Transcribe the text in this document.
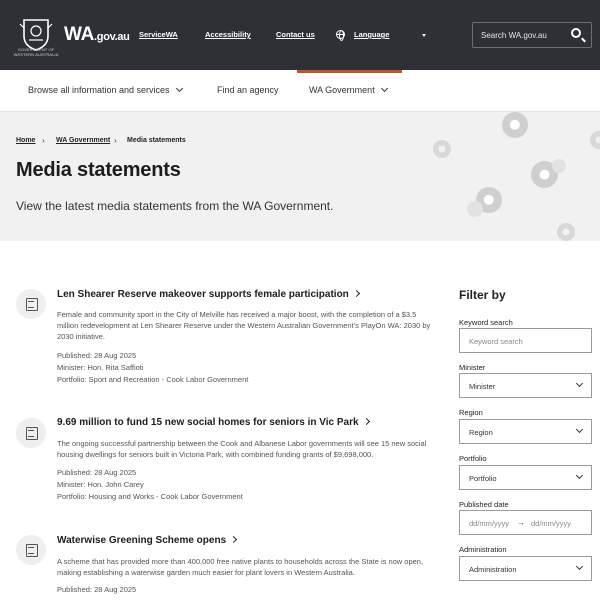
GOVERNMENT OF WESTERN AUSTRALIA
WA.gov.au ServiceWA	Accessibility	Contact us	Language	Search WA.gov.au
Browse all information and services	Find an agency	WA Government
Home › WA Government › Media statements
Media statements

View the latest media statements from the WA Government.

Len Shearer Reserve makeover supports female participation

Female and community sport in the City of Melville has received a major boost, with the completion of a $3.5 million redevelopment at Len Shearer Reserve under the Western Australian Government's PlayOn WA: 2030 by 2030 initiative.

Published: 28 Aug 2025
Minister: Hon. Rita Saffioti
Portfolio: Sport and Recreation - Cook Labor Government
9.69 million to fund 15 new social homes for seniors in Vic Park

The ongoing successful partnership between the Cook and Albanese Labor governments will see 15 new social housing dwellings for seniors built in Victoria Park, with combined funding grants of $9,698,000.

Published: 28 Aug 2025
Minister: Hon. John Carey
Portfolio: Housing and Works - Cook Labor Government
Waterwise Greening Scheme opens

A scheme that has provided more than 400,000 free native plants to households across the State is now open, making establishing a waterwise garden much easier for plant lovers in Western Australia.

Published: 28 Aug 2025
Filter by
Keyword search
Keyword search
Minister
Minister
Region
Region
Portfolio
Portfolio
Published date
dd/mm/yyyy → dd/mm/yyyy
Administration
Administration
